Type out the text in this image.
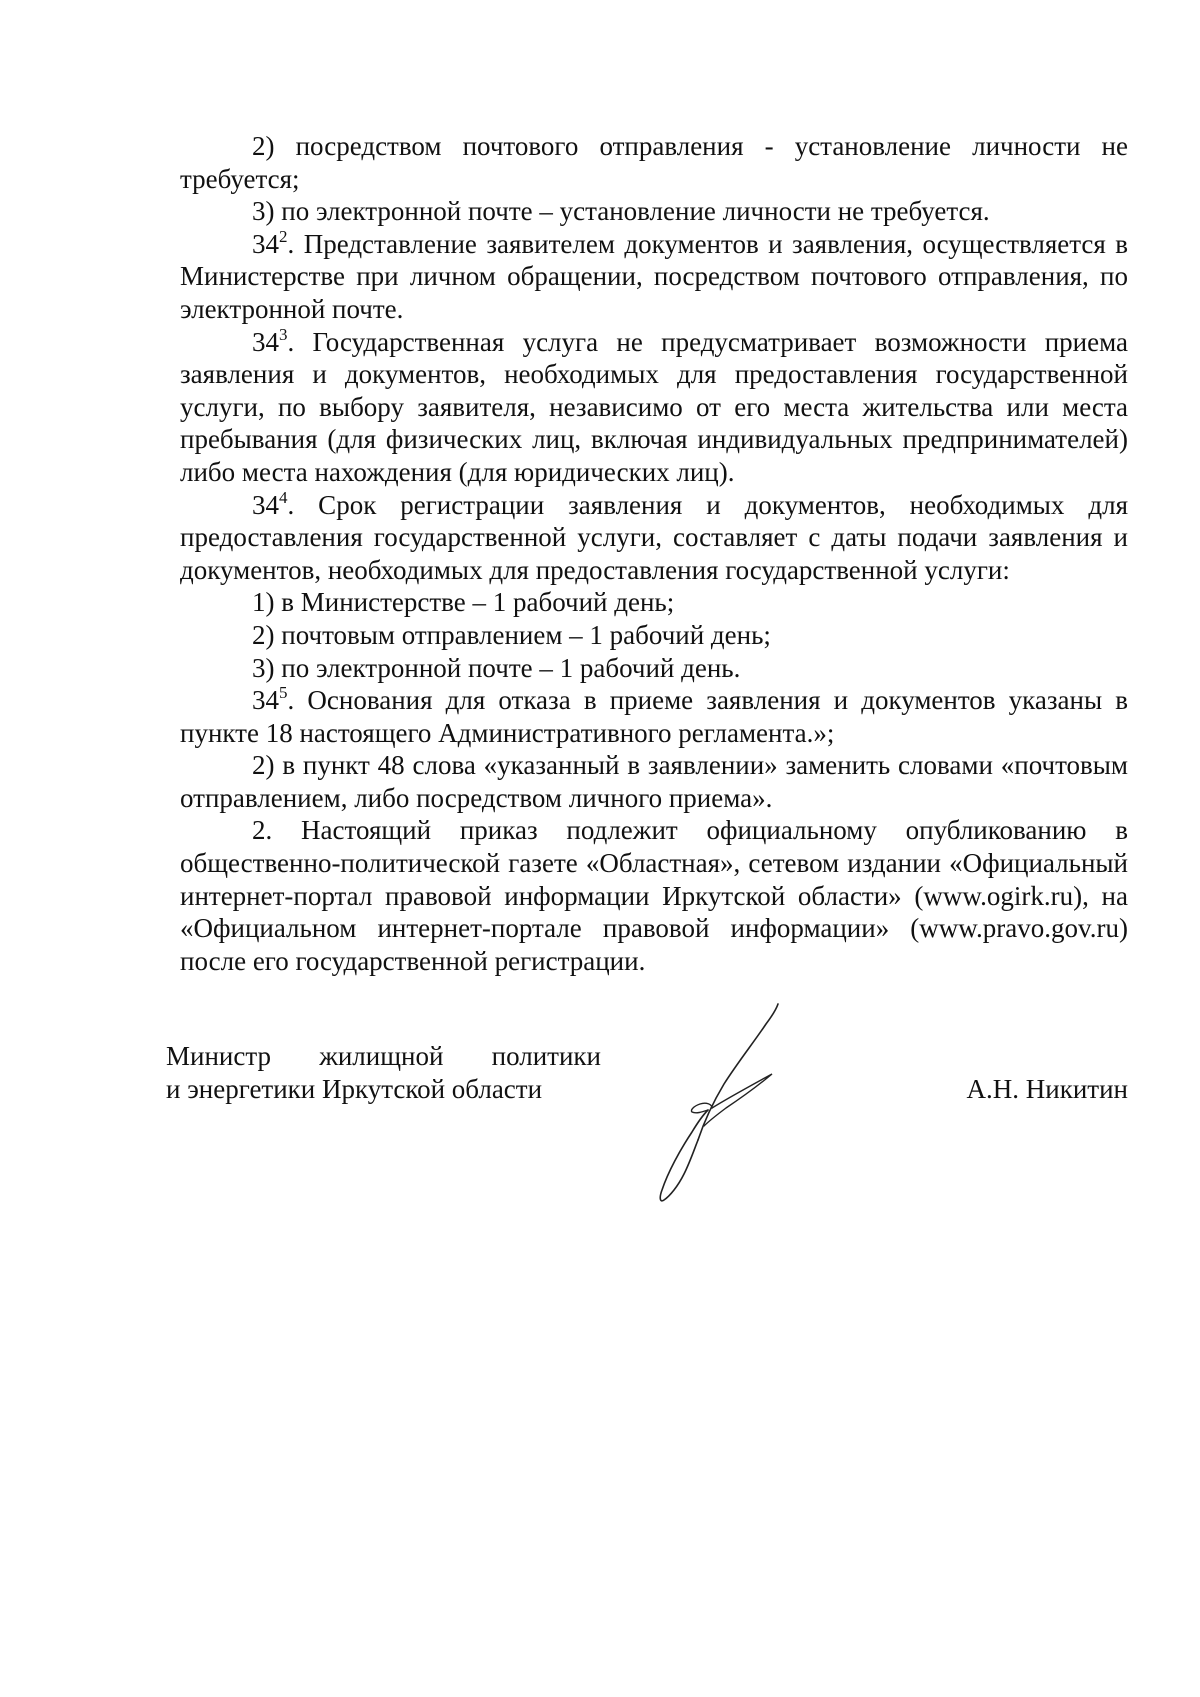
2) посредством почтового отправления - установление личности не требуется;

3) по электронной почте – установление личности не требуется.

$34^2$. Представление заявителем документов и заявления, осуществляется в Министерстве при личном обращении, посредством почтового отправления, по электронной почте.

$34^3$. Государственная услуга не предусматривает возможности приема заявления и документов, необходимых для предоставления государственной услуги, по выбору заявителя, независимо от его места жительства или места пребывания (для физических лиц, включая индивидуальных предпринимателей) либо места нахождения (для юридических лиц).

$34^4$. Срок регистрации заявления и документов, необходимых для предоставления государственной услуги, составляет с даты подачи заявления и документов, необходимых для предоставления государственной услуги:

1) в Министерстве – 1 рабочий день;

2) почтовым отправлением – 1 рабочий день;

3) по электронной почте – 1 рабочий день.

$34^5$. Основания для отказа в приеме заявления и документов указаны в пункте 18 настоящего Административного регламента.»;

2) в пункт 48 слова «указанный в заявлении» заменить словами «почтовым отправлением, либо посредством личного приема».

2. Настоящий приказ подлежит официальному опубликованию в общественно-политической газете «Областная», сетевом издании «Официальный интернет-портал правовой информации Иркутской области» (www.ogirk.ru), на «Официальном интернет-портале правовой информации» (www.pravo.gov.ru) после его государственной регистрации.

Министр жилищной политики
и энергетики Иркутской области	А.Н. Никитин
